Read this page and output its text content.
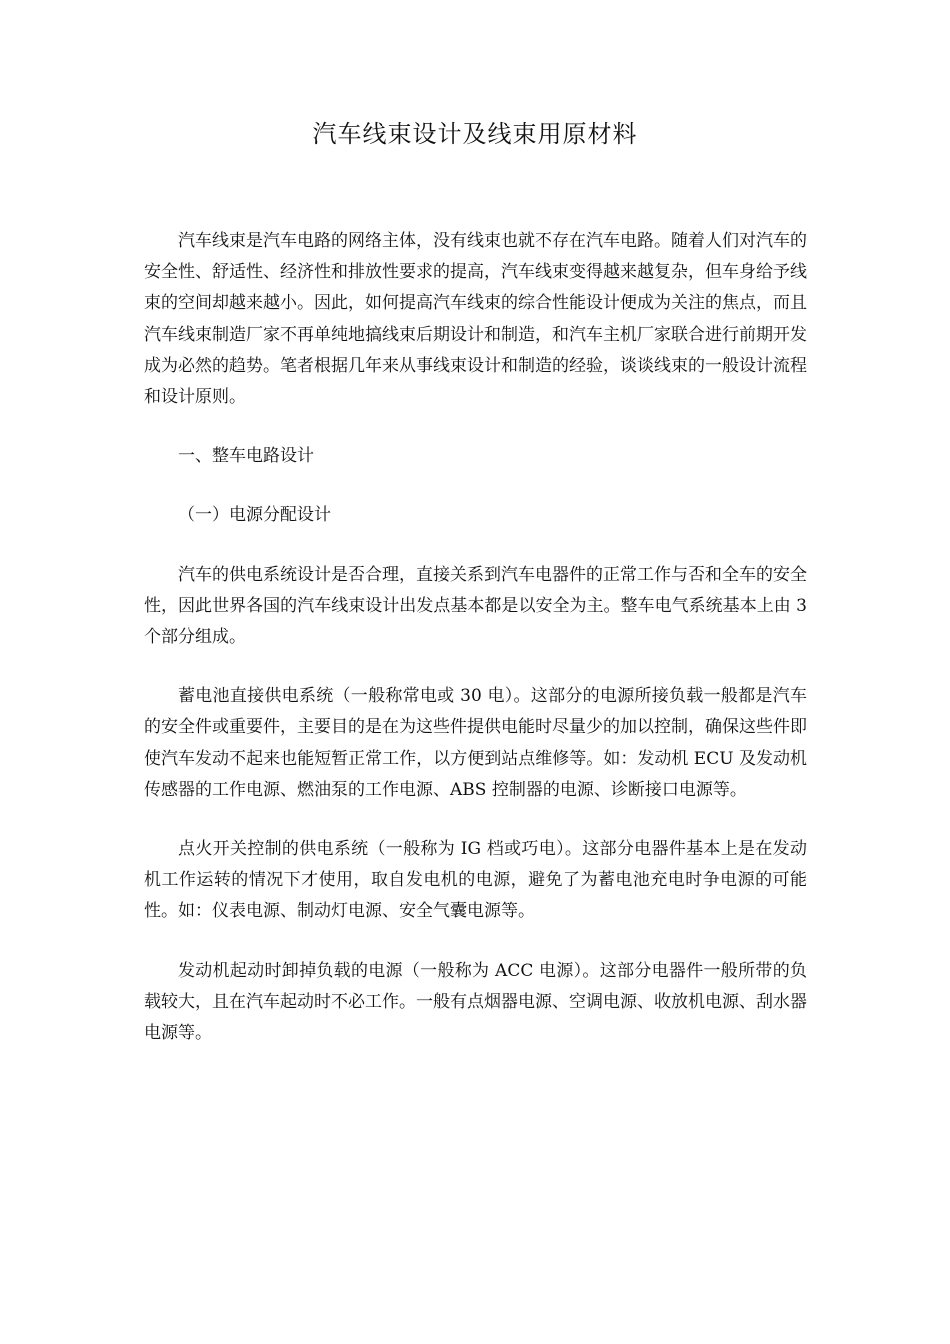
汽车线束设计及线束用原材料

汽车线束是汽车电路的网络主体，没有线束也就不存在汽车电路。随着人们对汽车的安全性、舒适性、经济性和排放性要求的提高，汽车线束变得越来越复杂，但车身给予线束的空间却越来越小。因此，如何提高汽车线束的综合性能设计便成为关注的焦点，而且汽车线束制造厂家不再单纯地搞线束后期设计和制造，和汽车主机厂家联合进行前期开发成为必然的趋势。笔者根据几年来从事线束设计和制造的经验，谈谈线束的一般设计流程和设计原则。

一、整车电路设计

（一）电源分配设计

汽车的供电系统设计是否合理，直接关系到汽车电器件的正常工作与否和全车的安全性，因此世界各国的汽车线束设计出发点基本都是以安全为主。整车电气系统基本上由 3 个部分组成。

蓄电池直接供电系统（一般称常电或 30 电）。这部分的电源所接负载一般都是汽车的安全件或重要件，主要目的是在为这些件提供电能时尽量少的加以控制，确保这些件即使汽车发动不起来也能短暂正常工作，以方便到站点维修等。如：发动机 ECU 及发动机传感器的工作电源、燃油泵的工作电源、ABS 控制器的电源、诊断接口电源等。

点火开关控制的供电系统（一般称为 IG 档或巧电）。这部分电器件基本上是在发动机工作运转的情况下才使用，取自发电机的电源，避免了为蓄电池充电时争电源的可能性。如：仪表电源、制动灯电源、安全气囊电源等。

发动机起动时卸掉负载的电源（一般称为 ACC 电源）。这部分电器件一般所带的负载较大，且在汽车起动时不必工作。一般有点烟器电源、空调电源、收放机电源、刮水器电源等。
